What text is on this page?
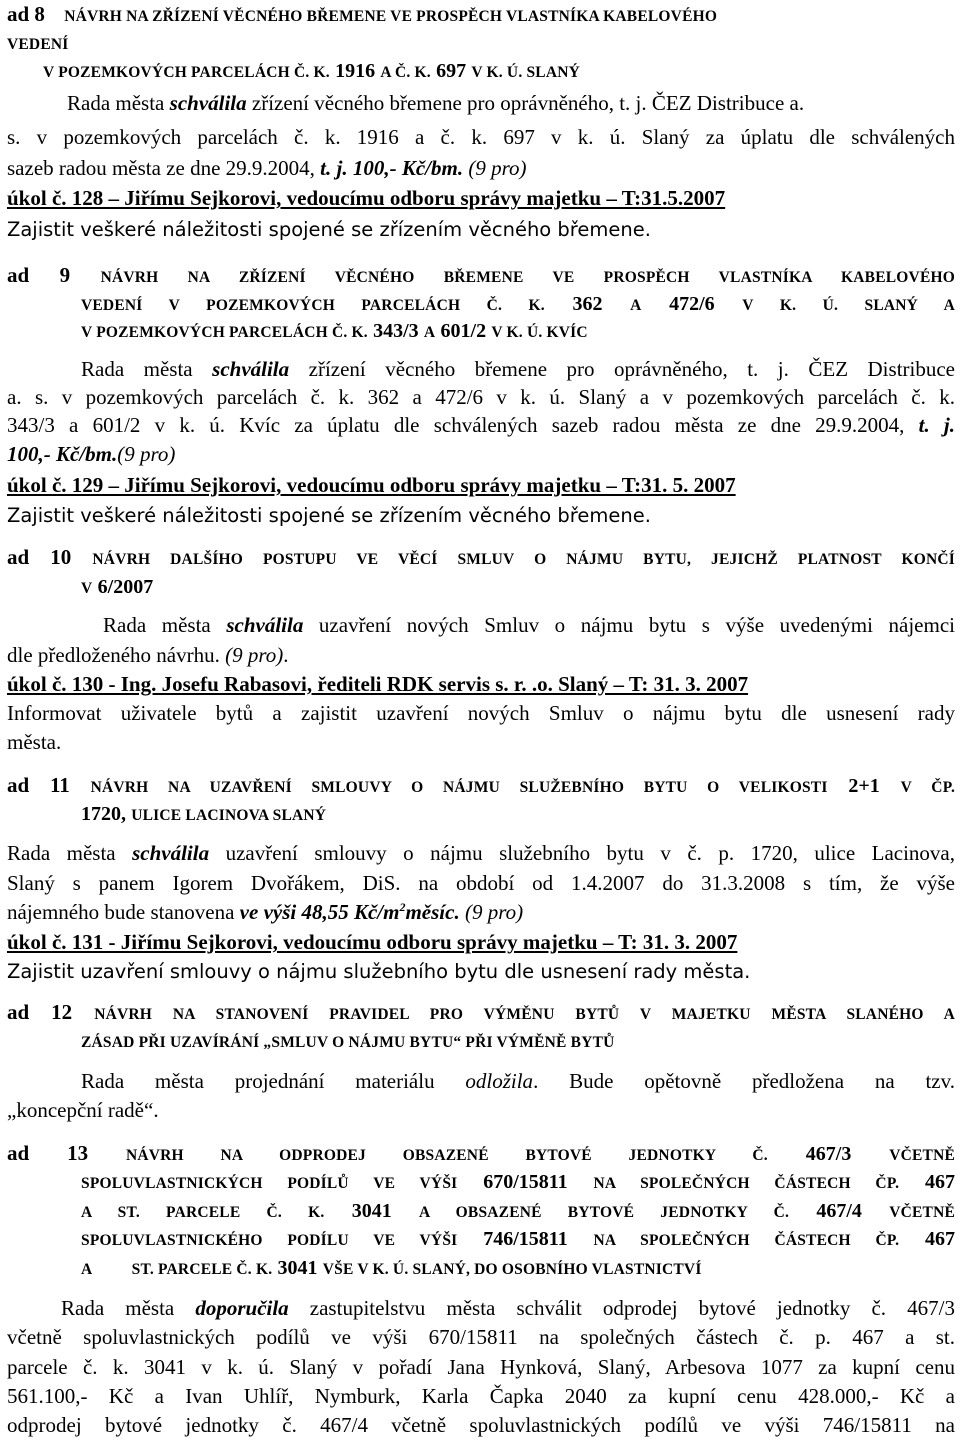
ad 8 NÁVRH NA ZŘÍZENÍ VĚCNÉHO BŘEMENE VE PROSPĚCH VLASTNÍKA KABELOVÉHO
VEDENÍ
V POZEMKOVÝCH PARCELÁCH Č. K. 1916 A Č. K. 697 V K. Ú. SLANÝ
Rada města schválila zřízení věcného břemene pro oprávněného, t. j. ČEZ Distribuce a.
s. v pozemkových parcelách č. k. 1916 a č. k. 697 v k. ú. Slaný za úplatu dle schválených
sazeb radou města ze dne 29.9.2004, t. j. 100,- Kč/bm. (9 pro)
úkol č. 128 – Jiřímu Sejkorovi, vedoucímu odboru správy majetku – T:31.5.2007
Zajistit veškeré náležitosti spojené se zřízením věcného břemene.
ad 9 NÁVRH NA ZŘÍZENÍ VĚCNÉHO BŘEMENE VE PROSPĚCH VLASTNÍKA KABELOVÉHO
VEDENÍ V POZEMKOVÝCH PARCELÁCH Č. K. 362 A 472/6 V K. Ú. SLANÝ A
V POZEMKOVÝCH PARCELÁCH Č. K. 343/3 A 601/2 V K. Ú. KVÍC
Rada města schválila zřízení věcného břemene pro oprávněného, t. j. ČEZ Distribuce
a. s. v pozemkových parcelách č. k. 362 a 472/6 v k. ú. Slaný a v pozemkových parcelách č. k.
343/3 a 601/2 v k. ú. Kvíc za úplatu dle schválených sazeb radou města ze dne 29.9.2004, t. j.
100,- Kč/bm.(9 pro)
úkol č. 129 – Jiřímu Sejkorovi, vedoucímu odboru správy majetku – T:31. 5. 2007
Zajistit veškeré náležitosti spojené se zřízením věcného břemene.
ad 10 NÁVRH DALŠÍHO POSTUPU VE VĚCÍ SMLUV O NÁJMU BYTU, JEJICHŽ PLATNOST KONČÍ
V 6/2007
Rada města schválila uzavření nových Smluv o nájmu bytu s výše uvedenými nájemci
dle předloženého návrhu. (9 pro).
úkol č. 130 - Ing. Josefu Rabasovi, řediteli RDK servis s. r. .o. Slaný – T: 31. 3. 2007
Informovat uživatele bytů a zajistit uzavření nových Smluv o nájmu bytu dle usnesení rady
města.
ad 11 NÁVRH NA UZAVŘENÍ SMLOUVY O NÁJMU SLUŽEBNÍHO BYTU O VELIKOSTI 2+1 V ČP.
1720, ULICE LACINOVA SLANÝ
Rada města schválila uzavření smlouvy o nájmu služebního bytu v č. p. 1720, ulice Lacinova,
Slaný s panem Igorem Dvořákem, DiS. na období od 1.4.2007 do 31.3.2008 s tím, že výše
nájemného bude stanovena ve výši 48,55 $Kč/m^2měsíc$. (9 pro)
úkol č. 131 - Jiřímu Sejkorovi, vedoucímu odboru správy majetku – T: 31. 3. 2007
Zajistit uzavření smlouvy o nájmu služebního bytu dle usnesení rady města.
ad 12 NÁVRH NA STANOVENÍ PRAVIDEL PRO VÝMĚNU BYTŮ V MAJETKU MĚSTA SLANÉHO A
ZÁSAD PŘI UZAVÍRÁNÍ „SMLUV O NÁJMU BYTU“ PŘI VÝMĚNĚ BYTŮ
Rada města projednání materiálu odložila. Bude opětovně předložena na tzv.
„koncepční radě“.
ad 13 NÁVRH NA ODPRODEJ OBSAZENÉ BYTOVÉ JEDNOTKY Č. 467/3 VČETNĚ
SPOLUVLASTNICKÝCH PODÍLŮ VE VÝŠI 670/15811 NA SPOLEČNÝCH ČÁSTECH ČP. 467
A ST. PARCELE Č. K. 3041 A OBSAZENÉ BYTOVÉ JEDNOTKY Č. 467/4 VČETNĚ
SPOLUVLASTNICKÉHO PODÍLU VE VÝŠI 746/15811 NA SPOLEČNÝCH ČÁSTECH ČP. 467
A	ST. PARCELE Č. K. 3041 VŠE V K. Ú. SLANÝ, DO OSOBNÍHO VLASTNICTVÍ
Rada města doporučila zastupitelstvu města schválit odprodej bytové jednotky č. 467/3
včetně spoluvlastnických podílů ve výši 670/15811 na společných částech č. p. 467 a st.
parcele č. k. 3041 v k. ú. Slaný v pořadí Jana Hynková, Slaný, Arbesova 1077 za kupní cenu
561.100,- Kč a Ivan Uhlíř, Nymburk, Karla Čapka 2040 za kupní cenu 428.000,- Kč a
odprodej bytové jednotky č. 467/4 včetně spoluvlastnických podílů ve výši 746/15811 na
